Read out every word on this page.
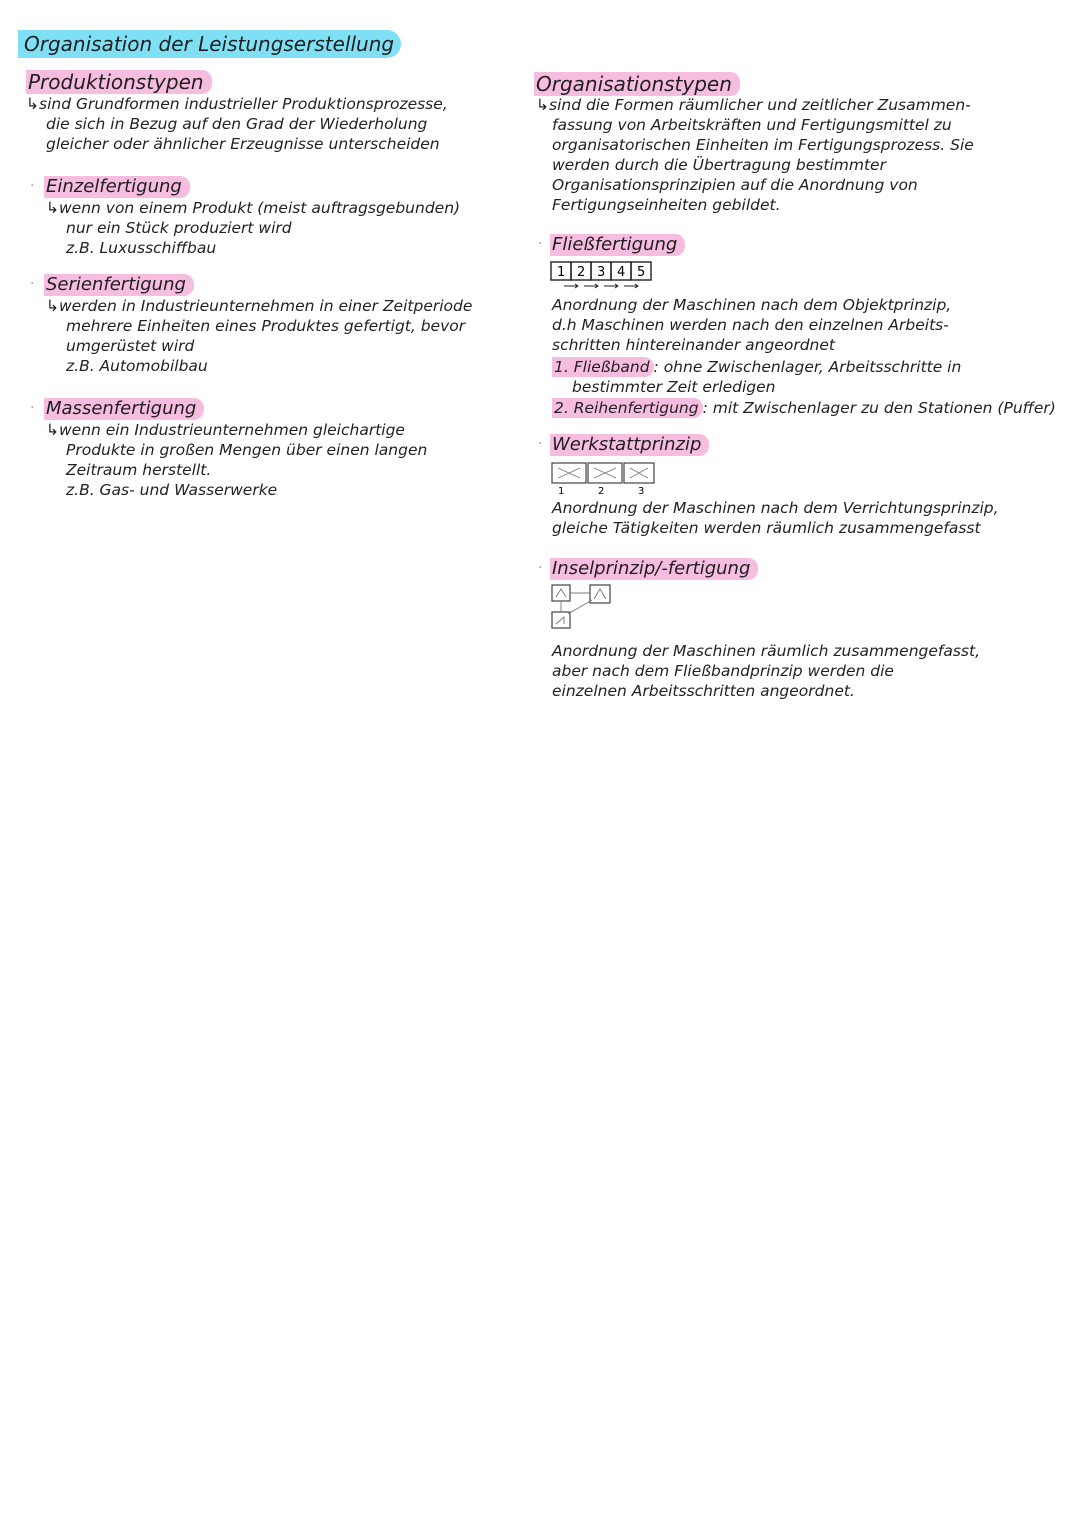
Organisation der Leistungserstellung
Produktionstypen
↳sind Grundformen industrieller Produktionsprozesse,
die sich in Bezug auf den Grad der Wiederholung
gleicher oder ähnlicher Erzeugnisse unterscheiden
· Einzelfertigung
↳wenn von einem Produkt (meist auftragsgebunden)
nur ein Stück produziert wird
z.B. Luxusschiffbau
· Serienfertigung
↳werden in Industrieunternehmen in einer Zeitperiode
mehrere Einheiten eines Produktes gefertigt, bevor
umgerüstet wird
z.B. Automobilbau
· Massenfertigung
↳wenn ein Industrieunternehmen gleichartige
Produkte in großen Mengen über einen langen
Zeitraum herstellt.
z.B. Gas- und Wasserwerke
Organisationstypen
↳sind die Formen räumlicher und zeitlicher Zusammen-
fassung von Arbeitskräften und Fertigungsmittel zu
organisatorischen Einheiten im Fertigungsprozess. Sie
werden durch die Übertragung bestimmter
Organisationsprinzipien auf die Anordnung von
Fertigungseinheiten gebildet.
· Fließfertigung
1 2 3 4 5
Anordnung der Maschinen nach dem Objektprinzip,
d.h Maschinen werden nach den einzelnen Arbeits-
schritten hintereinander angeordnet
1. Fließband : ohne Zwischenlager, Arbeitsschritte in
bestimmter Zeit erledigen
2. Reihenfertigung : mit Zwischenlager zu den Stationen (Puffer)
· Werkstattprinzip
1	2	3
Anordnung der Maschinen nach dem Verrichtungsprinzip,
gleiche Tätigkeiten werden räumlich zusammengefasst
· Inselprinzip/-fertigung
Anordnung der Maschinen räumlich zusammengefasst,
aber nach dem Fließbandprinzip werden die
einzelnen Arbeitsschritten angeordnet.
